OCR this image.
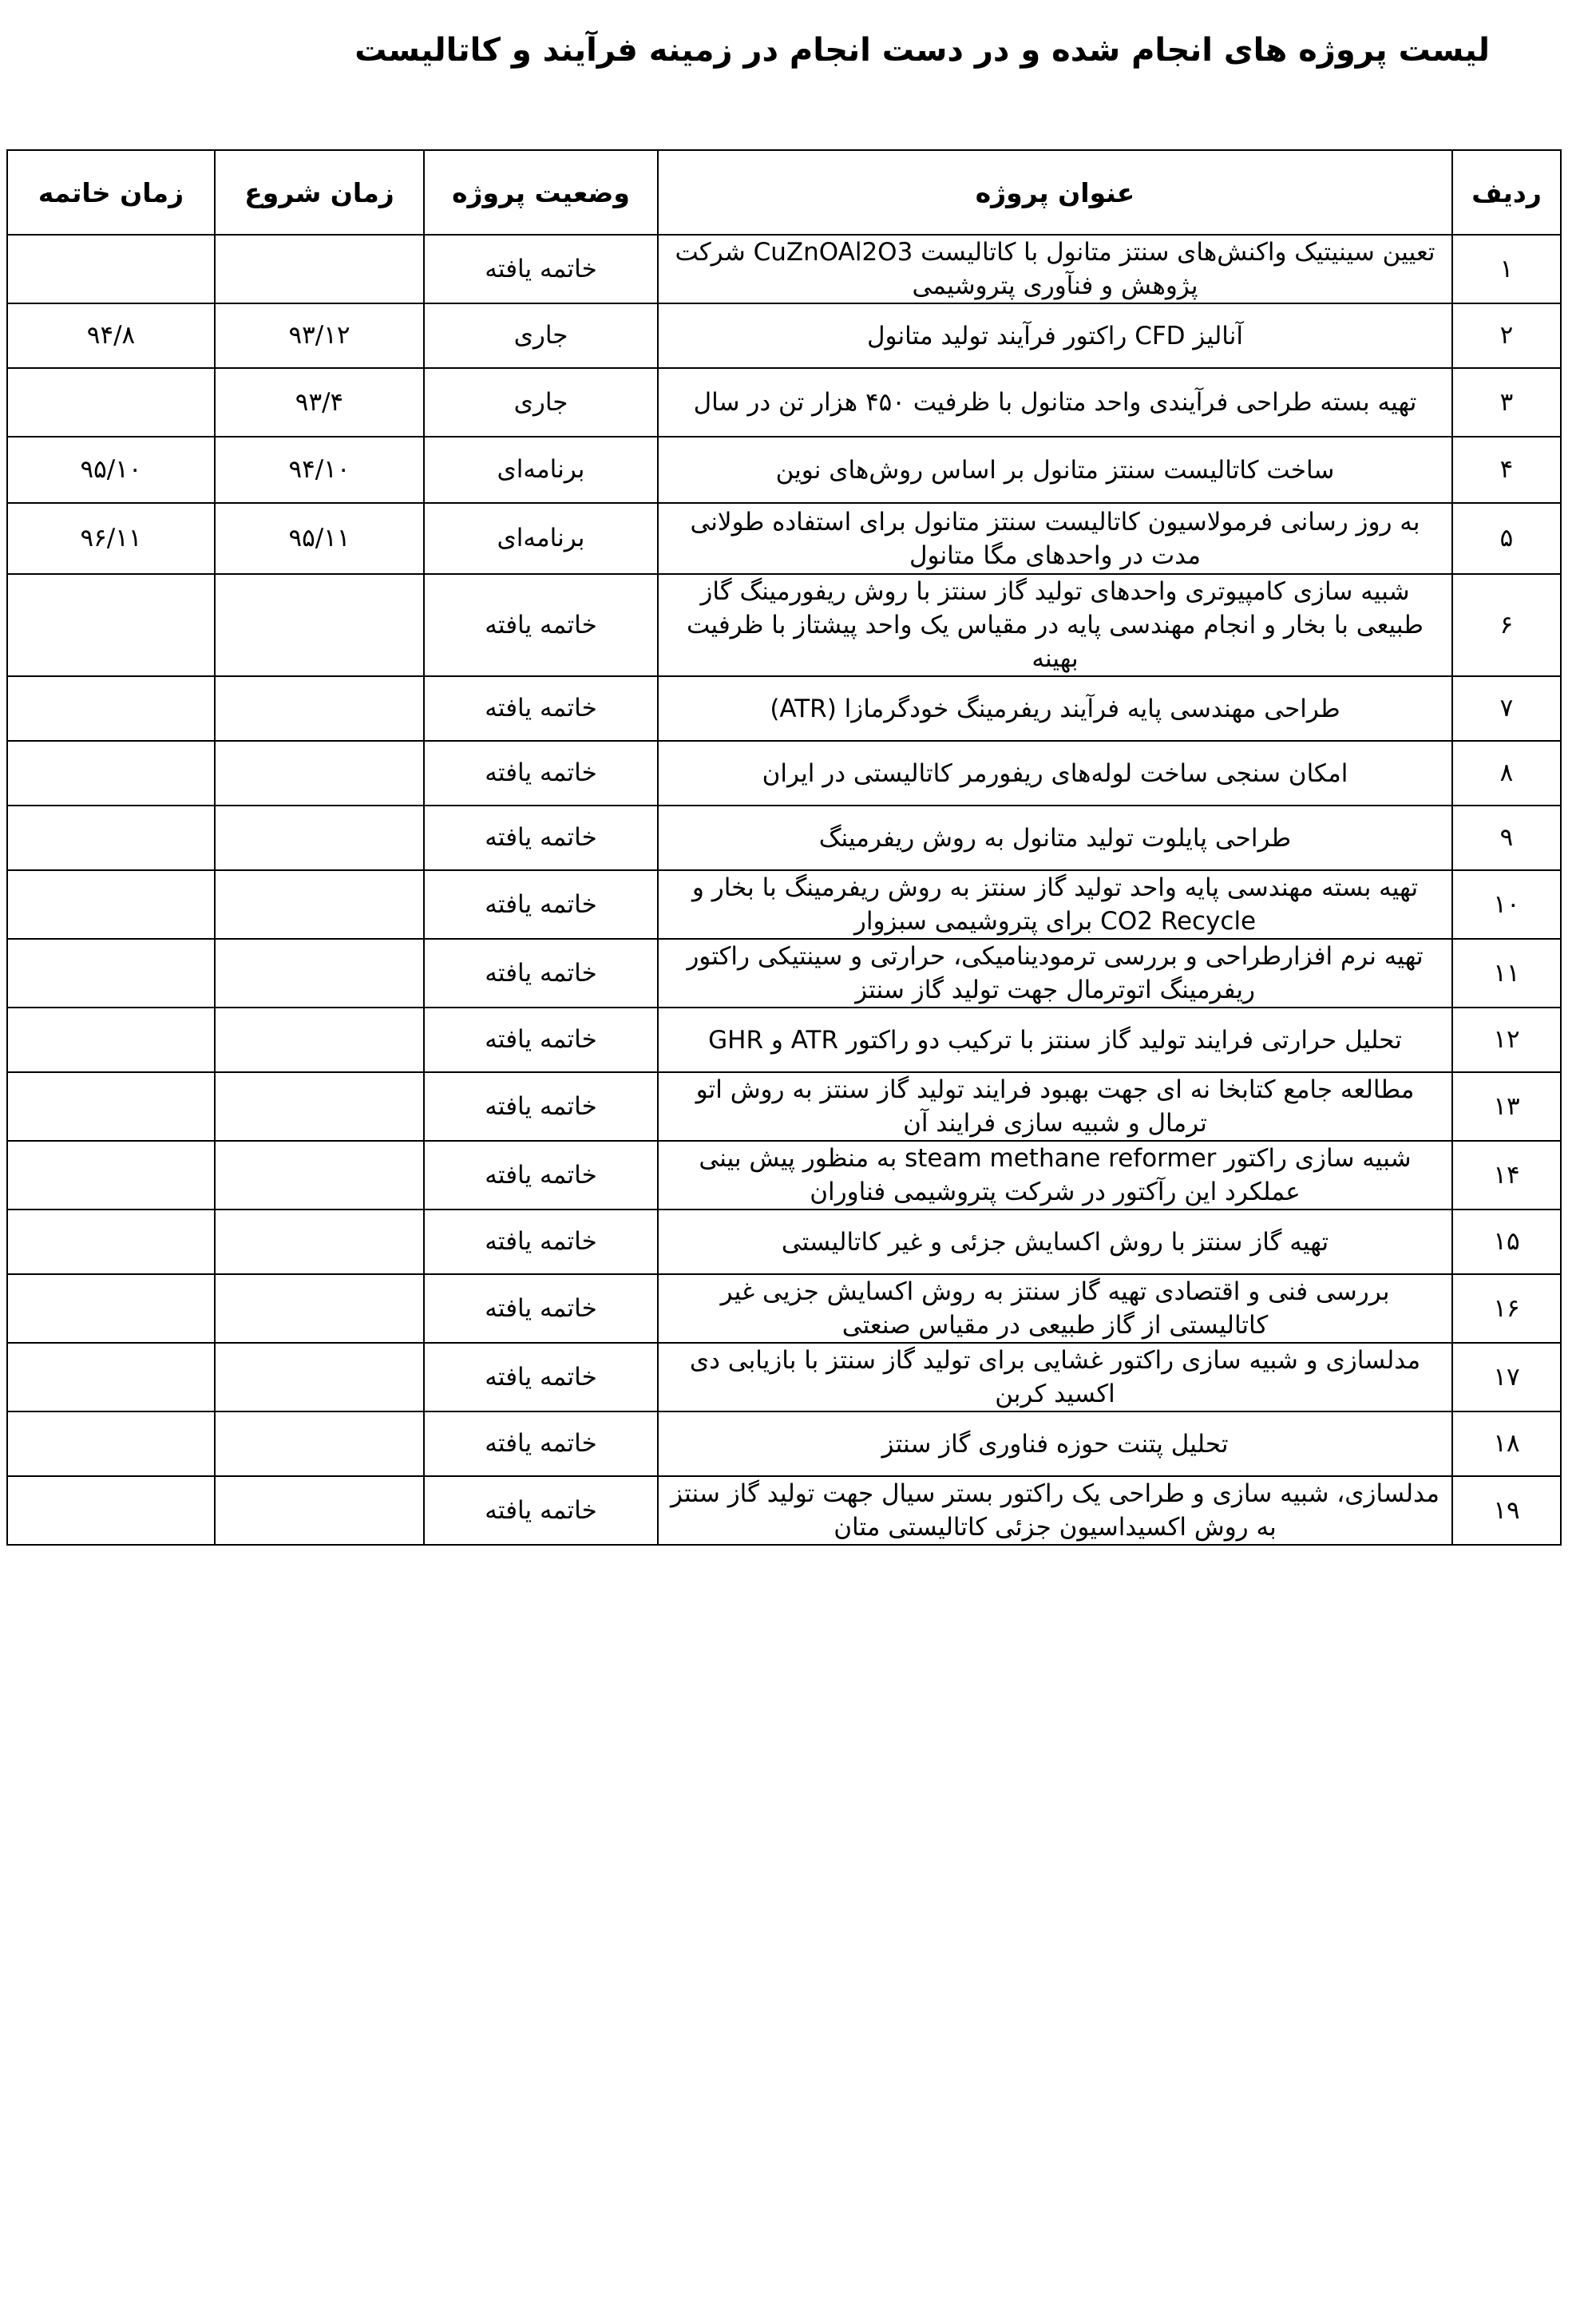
لیست پروژه های انجام شده و در دست انجام در زمینه فرآیند و کاتالیست
ردیف	عنوان پروژه	وضعیت پروژه	زمان شروع	زمان خاتمه
۱	تعیین سینیتیک واکنش‌های سنتز متانول با کاتالیست CuZnOAl2O3 شرکت پژوهش و فنآوری پتروشیمی	خاتمه یافته		
۲	آنالیز CFD راکتور فرآیند تولید متانول	جاری	۹۳/۱۲	۹۴/۸
۳	تهیه بسته طراحی فرآیندی واحد متانول با ظرفیت ۴۵۰ هزار تن در سال	جاری	۹۳/۴	
۴	ساخت کاتالیست سنتز متانول بر اساس روش‌های نوین	برنامه‌ای	۹۴/۱۰	۹۵/۱۰
۵	به روز رسانی فرمولاسیون کاتالیست سنتز متانول برای استفاده طولانی مدت در واحدهای مگا متانول	برنامه‌ای	۹۵/۱۱	۹۶/۱۱
۶	شبیه سازی کامپیوتری واحدهای تولید گاز سنتز با روش ریفورمینگ گاز طبیعی با بخار و انجام مهندسی پایه در مقیاس یک واحد پیشتاز با ظرفیت بهینه	خاتمه یافته		
۷	طراحی مهندسی پایه فرآیند ریفرمینگ خودگرمازا (ATR)	خاتمه یافته		
۸	امکان سنجی ساخت لوله‌های ریفورمر کاتالیستی در ایران	خاتمه یافته		
۹	طراحی پایلوت تولید متانول به روش ریفرمینگ	خاتمه یافته		
۱۰	تهیه بسته مهندسی پایه واحد تولید گاز سنتز به روش ریفرمینگ با بخار و CO2 Recycle برای پتروشیمی سبزوار	خاتمه یافته		
۱۱	تهیه نرم افزارطراحی و بررسی ترمودینامیکی، حرارتی و سینتیکی راکتور ریفرمینگ اتوترمال جهت تولید گاز سنتز	خاتمه یافته		
۱۲	تحلیل حرارتی فرایند تولید گاز سنتز با ترکیب دو راکتور ATR و GHR	خاتمه یافته		
۱۳	مطالعه جامع کتابخا نه ای جهت بهبود فرایند تولید گاز سنتز به روش اتو ترمال و شبیه سازی فرایند آن	خاتمه یافته		
۱۴	شبیه سازی راکتور steam methane reformer به منظور پیش بینی عملکرد این رآکتور در شرکت پتروشیمی فناوران	خاتمه یافته		
۱۵	تهیه گاز سنتز با روش اکسایش جزئی و غیر کاتالیستی	خاتمه یافته		
۱۶	بررسی فنی و اقتصادی تهیه گاز سنتز به روش اکسایش جزیی غیر کاتالیستی از گاز طبیعی در مقیاس صنعتی	خاتمه یافته		
۱۷	مدلسازی و شبیه سازی راکتور غشایی برای تولید گاز سنتز با بازیابی دی اکسید کربن	خاتمه یافته		
۱۸	تحلیل پتنت حوزه فناوری گاز سنتز	خاتمه یافته		
۱۹	مدلسازی، شبیه سازی و طراحی یک راکتور بستر سیال جهت تولید گاز سنتز به روش اکسیداسیون جزئی کاتالیستی متان	خاتمه یافته		
